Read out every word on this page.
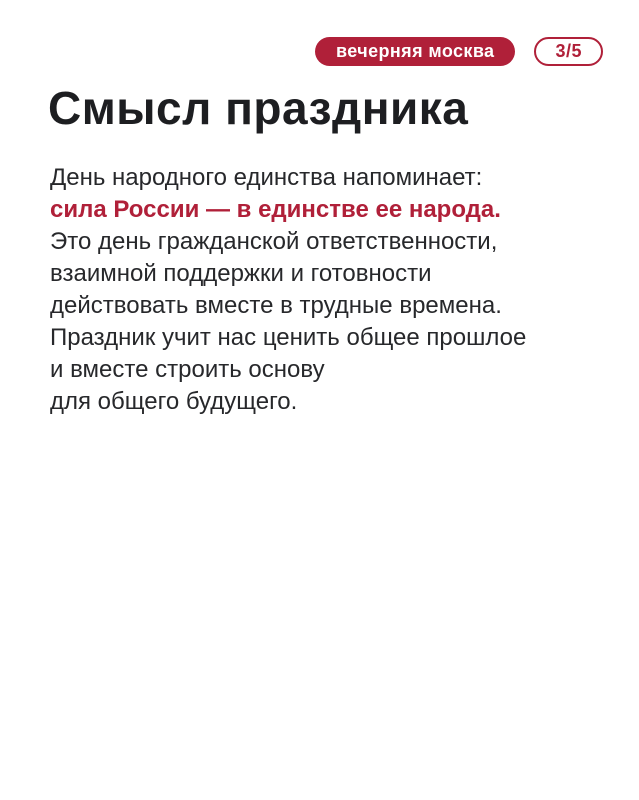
вечерняя москва	3/5
Смысл праздника

День народного единства напоминает:

сила России — в единстве ее народа.

Это день гражданской ответственности,

взаимной поддержки и готовности

действовать вместе в трудные времена.

Праздник учит нас ценить общее прошлое

и вместе строить основу

для общего будущего.
